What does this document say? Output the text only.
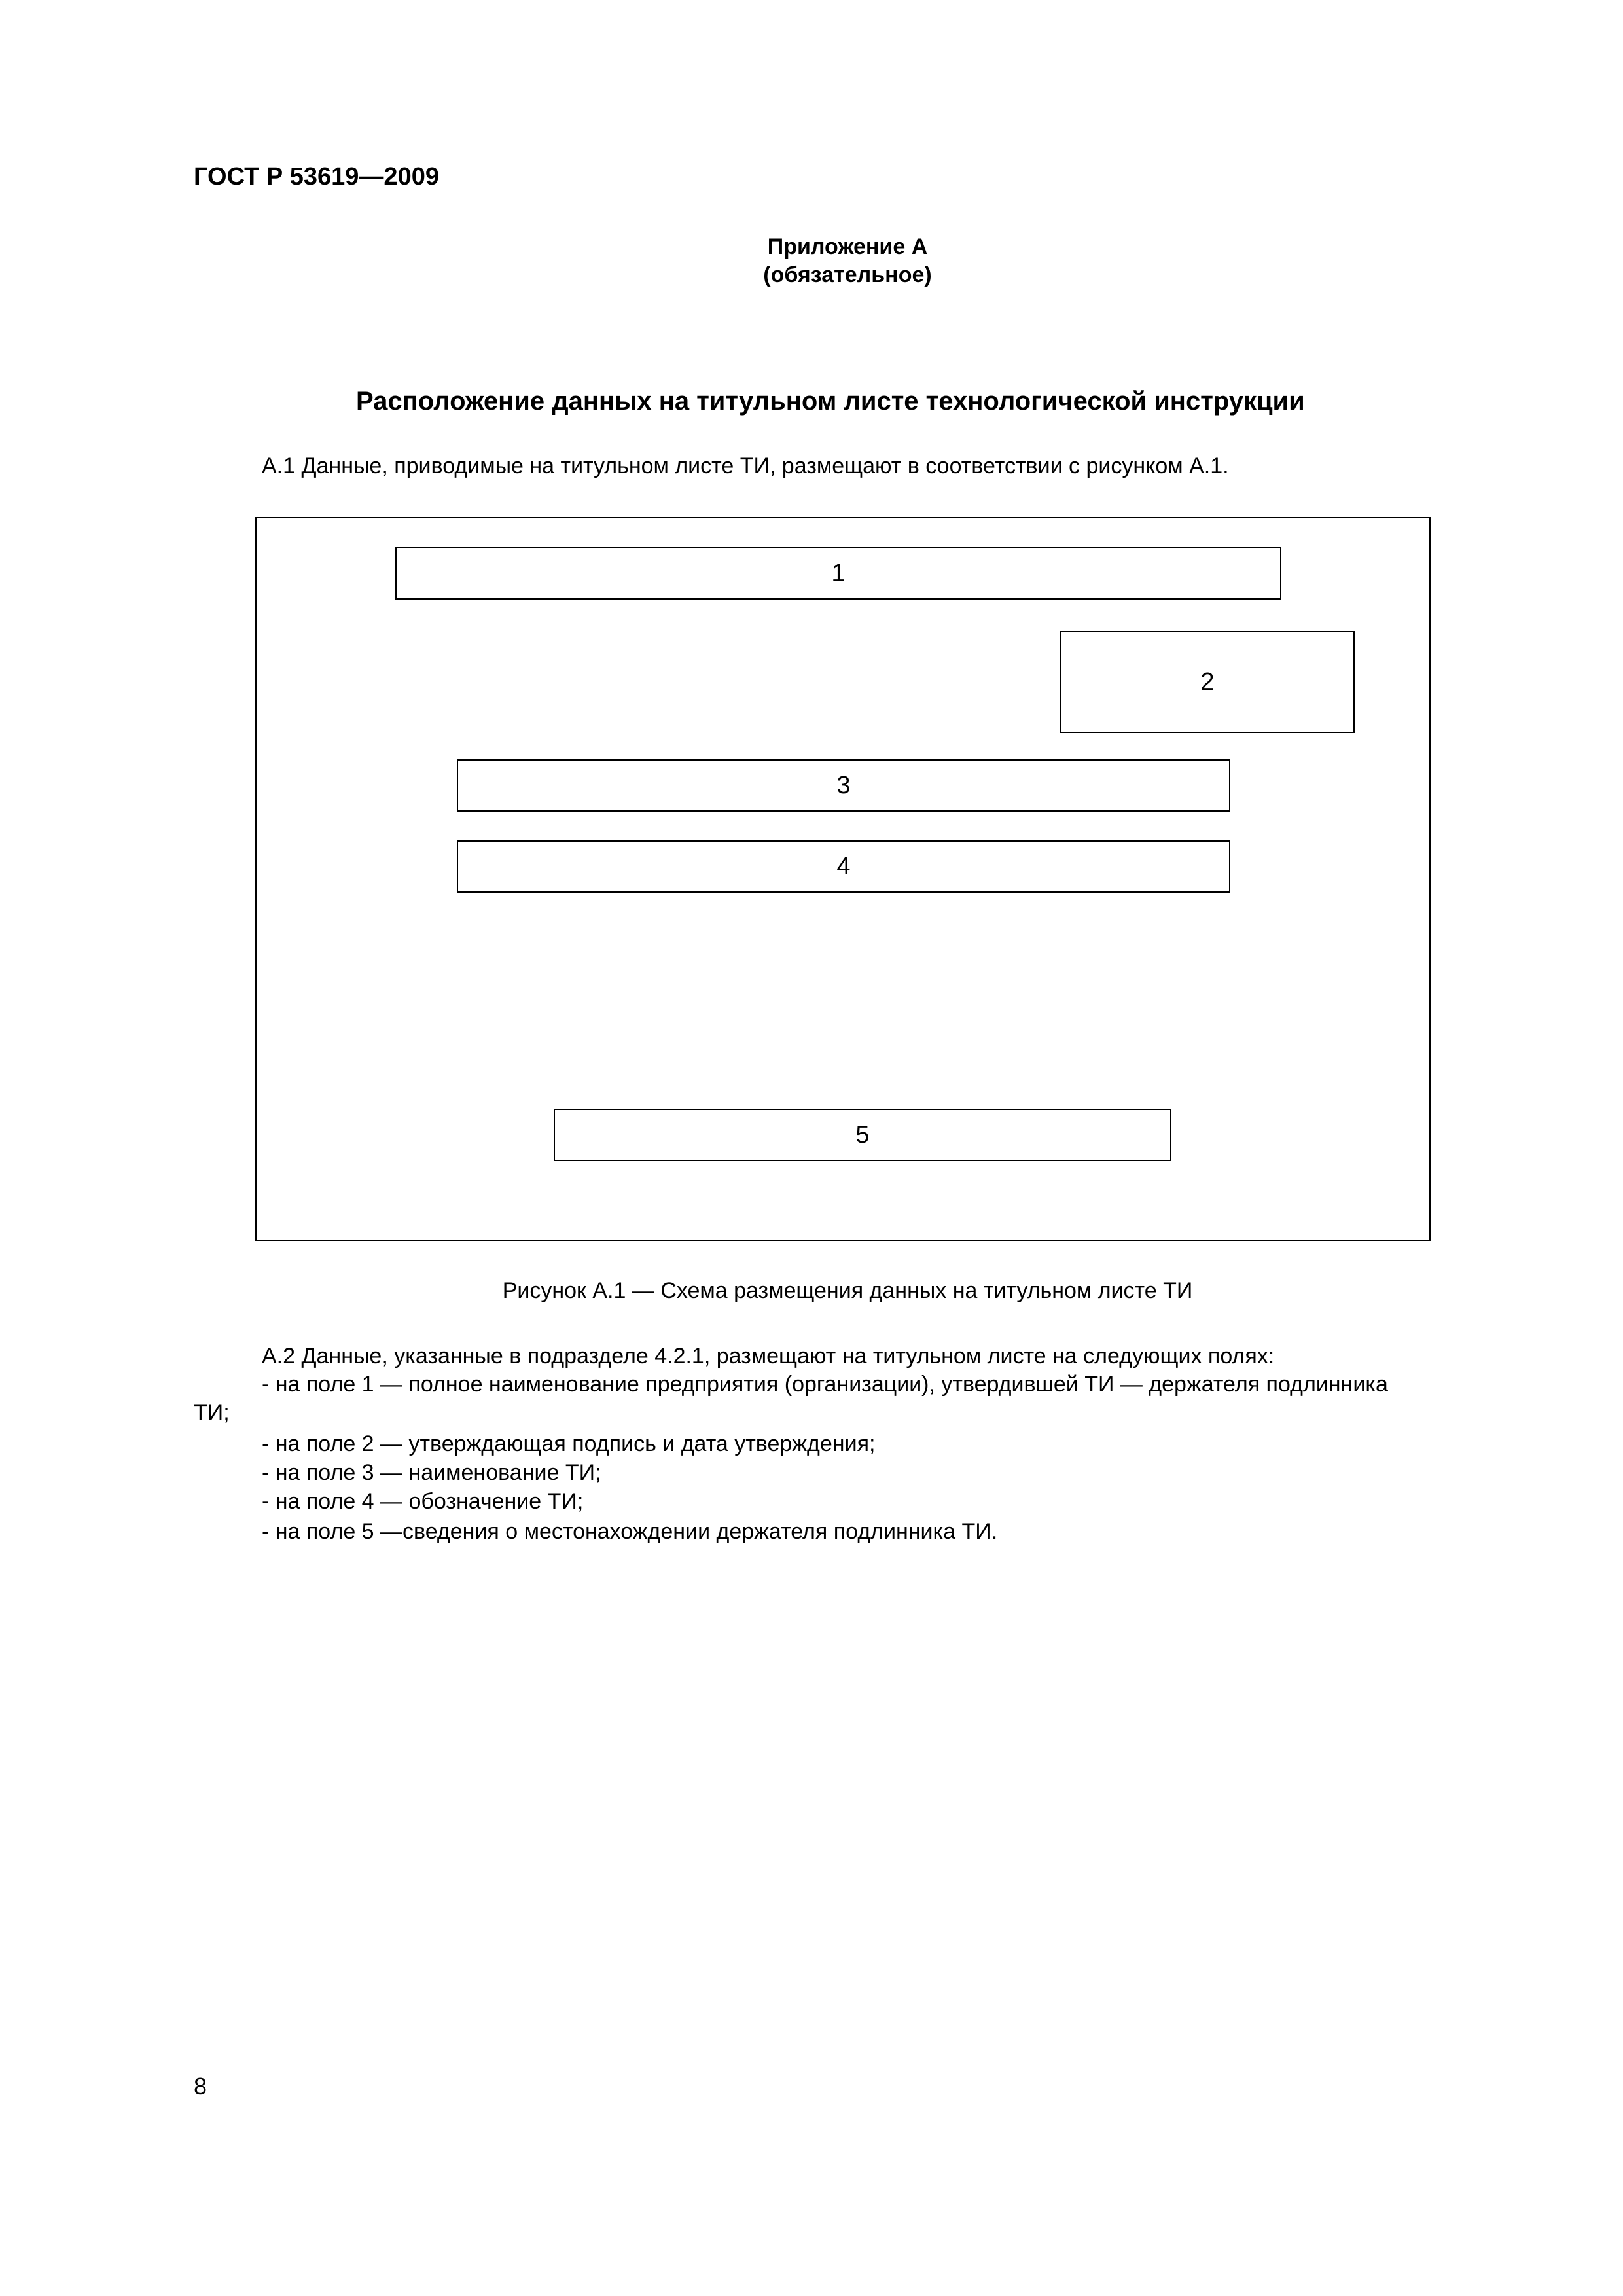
ГОСТ Р 53619—2009
Приложение А
(обязательное)
Расположение данных на титульном листе технологической инструкции
А.1 Данные, приводимые на титульном листе ТИ, размещают в соответствии с рисунком А.1.
1
2
3
4
5
Рисунок А.1 — Схема размещения данных на титульном листе ТИ
А.2 Данные, указанные в подразделе 4.2.1, размещают на титульном листе на следующих полях:
- на поле 1 — полное наименование предприятия (организации), утвердившей ТИ — держателя подлинника
ТИ;
- на поле 2 — утверждающая подпись и дата утверждения;
- на поле 3 — наименование ТИ;
- на поле 4 — обозначение ТИ;
- на поле 5 —сведения о местонахождении держателя подлинника ТИ.
8
